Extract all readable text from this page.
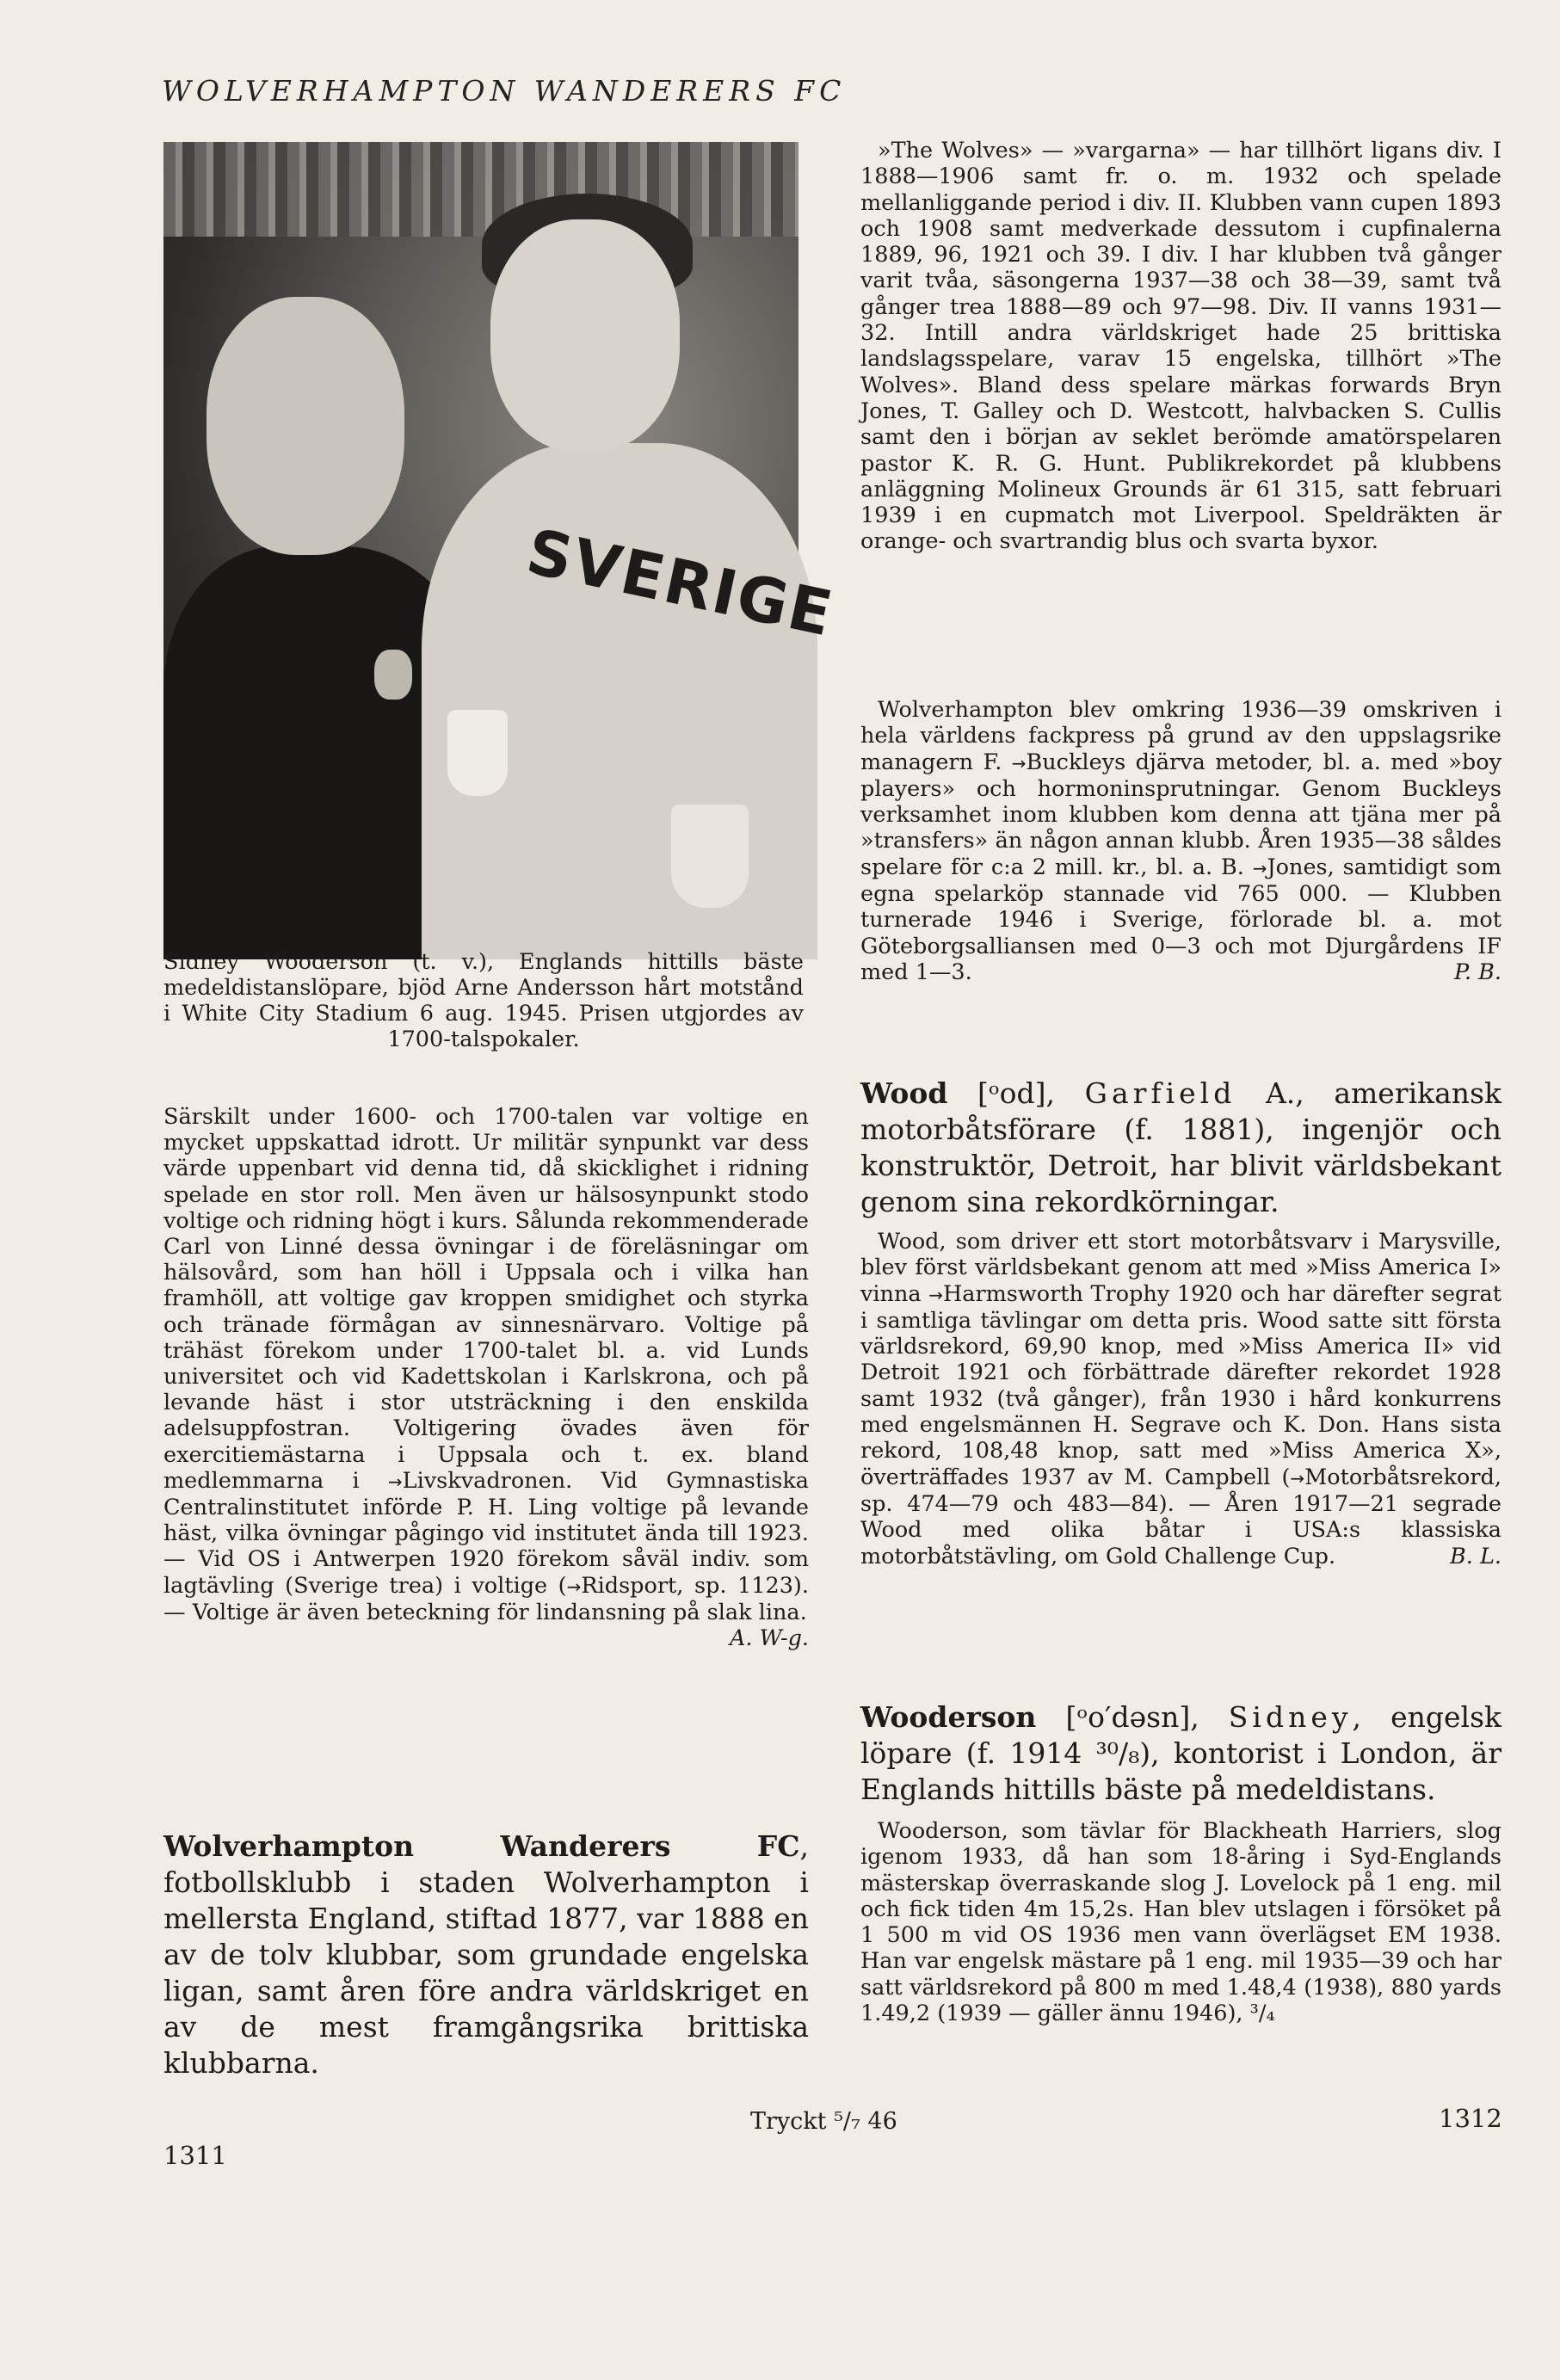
WOLVERHAMPTON WANDERERS FC
SVERIGE
Sidney Wooderson (t. v.), Englands hittills bäste medeldistanslöpare, bjöd Arne Andersson hårt motstånd i White City Stadium 6 aug. 1945. Prisen utgjordes av 1700-talspokaler.
Särskilt under 1600- och 1700-talen var voltige en mycket uppskattad idrott. Ur militär synpunkt var dess värde uppenbart vid denna tid, då skicklighet i ridning spelade en stor roll. Men även ur hälsosynpunkt stodo voltige och ridning högt i kurs. Sålunda rekommenderade Carl von Linné dessa övningar i de föreläsningar om hälsovård, som han höll i Uppsala och i vilka han framhöll, att voltige gav kroppen smidighet och styrka och tränade förmågan av sinnesnärvaro. Voltige på trähäst förekom under 1700-talet bl. a. vid Lunds universitet och vid Kadettskolan i Karlskrona, och på levande häst i stor utsträckning i den enskilda adelsuppfostran. Voltigering övades även för exercitiemästarna i Uppsala och t. ex. bland medlemmarna i →Livskvadronen. Vid Gymnastiska Centralinstitutet införde P. H. Ling voltige på levande häst, vilka övningar pågingo vid institutet ända till 1923. — Vid OS i Antwerpen 1920 förekom såväl indiv. som lagtävling (Sverige trea) i voltige (→Ridsport, sp. 1123). — Voltige är även beteckning för lindansning på slak lina.
A. W-g.
Wolverhampton Wanderers FC, fotbollsklubb i staden Wolverhampton i mellersta England, stiftad 1877, var 1888 en av de tolv klubbar, som grundade engelska ligan, samt åren före andra världskriget en av de mest framgångsrika brittiska klubbarna.
»The Wolves» — »vargarna» — har tillhört ligans div. I 1888—1906 samt fr. o. m. 1932 och spelade mellanliggande period i div. II. Klubben vann cupen 1893 och 1908 samt medverkade dessutom i cupfinalerna 1889, 96, 1921 och 39. I div. I har klubben två gånger varit tvåa, säsongerna 1937—38 och 38—39, samt två gånger trea 1888—89 och 97—98. Div. II vanns 1931—32. Intill andra världskriget hade 25 brittiska landslagsspelare, varav 15 engelska, tillhört »The Wolves». Bland dess spelare märkas forwards Bryn Jones, T. Galley och D. Westcott, halvbacken S. Cullis samt den i början av seklet berömde amatörspelaren pastor K. R. G. Hunt. Publikrekordet på klubbens anläggning Molineux Grounds är 61 315, satt februari 1939 i en cupmatch mot Liverpool. Speldräkten är orange- och svartrandig blus och svarta byxor.
Wolverhampton blev omkring 1936—39 omskriven i hela världens fackpress på grund av den uppslagsrike managern F. →Buckleys djärva metoder, bl. a. med »boy players» och hormoninsprutningar. Genom Buckleys verksamhet inom klubben kom denna att tjäna mer på »transfers» än någon annan klubb. Åren 1935—38 såldes spelare för c:a 2 mill. kr., bl. a. B. →Jones, samtidigt som egna spelarköp stannade vid 765 000. — Klubben turnerade 1946 i Sverige, förlorade bl. a. mot Göteborgsalliansen med 0—3 och mot Djurgårdens IF med 1—3.	P. B.
Wood [ᵒod], Garfield A., amerikansk motorbåtsförare (f. 1881), ingenjör och konstruktör, Detroit, har blivit världsbekant genom sina rekordkörningar.
Wood, som driver ett stort motorbåtsvarv i Marysville, blev först världsbekant genom att med »Miss America I» vinna →Harmsworth Trophy 1920 och har därefter segrat i samtliga tävlingar om detta pris. Wood satte sitt första världsrekord, 69,90 knop, med »Miss America II» vid Detroit 1921 och förbättrade därefter rekordet 1928 samt 1932 (två gånger), från 1930 i hård konkurrens med engelsmännen H. Segrave och K. Don. Hans sista rekord, 108,48 knop, satt med »Miss America X», överträffades 1937 av M. Campbell (→Motorbåtsrekord, sp. 474—79 och 483—84). — Åren 1917—21 segrade Wood med olika båtar i USA:s klassiska motorbåtstävling, om Gold Challenge Cup.	B. L.
Wooderson [ᵒo′dəsn], Sidney, engelsk löpare (f. 1914 ³⁰/₈), kontorist i London, är Englands hittills bäste på medeldistans.
Wooderson, som tävlar för Blackheath Harriers, slog igenom 1933, då han som 18-åring i Syd-Englands mästerskap överraskande slog J. Lovelock på 1 eng. mil och fick tiden 4m 15,2s. Han blev utslagen i försöket på 1 500 m vid OS 1936 men vann överlägset EM 1938. Han var engelsk mästare på 1 eng. mil 1935—39 och har satt världsrekord på 800 m med 1.48,4 (1938), 880 yards 1.49,2 (1939 — gäller ännu 1946), ³/₄
1311
Tryckt ⁵/₇ 46	1312
